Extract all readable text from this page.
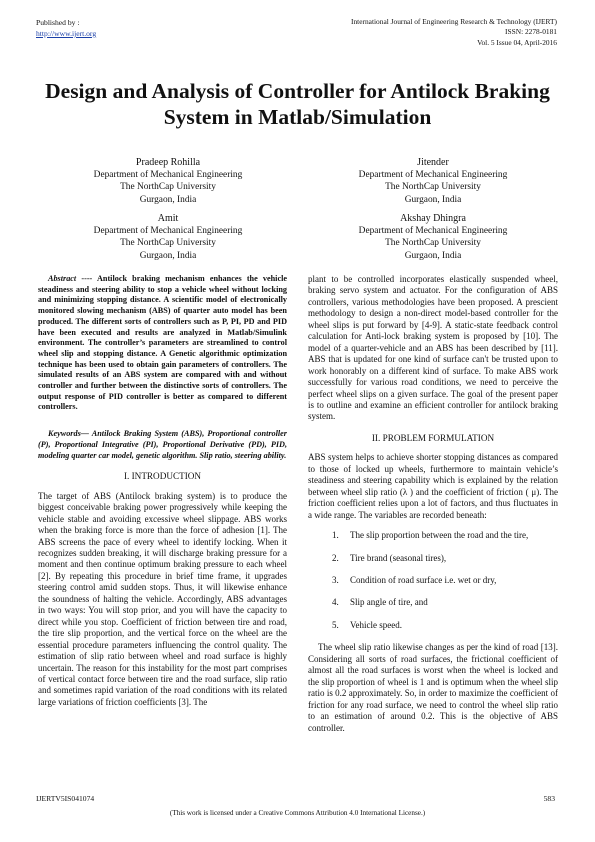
Published by :
http://www.ijert.org
International Journal of Engineering Research & Technology (IJERT)
ISSN: 2278-0181
Vol. 5 Issue 04, April-2016
Design and Analysis of Controller for Antilock Braking System in Matlab/Simulation
Pradeep Rohilla
Department of Mechanical Engineering
The NorthCap University
Gurgaon, India
Jitender
Department of Mechanical Engineering
The NorthCap University
Gurgaon, India
Amit
Department of Mechanical Engineering
The NorthCap University
Gurgaon, India
Akshay Dhingra
Department of Mechanical Engineering
The NorthCap University
Gurgaon, India

Abstract ---- Antilock braking mechanism enhances the vehicle steadiness and steering ability to stop a vehicle wheel without locking and minimizing stopping distance. A scientific model of electronically monitored slowing mechanism (ABS) of quarter auto model has been produced. The different sorts of controllers such as P, PI, PD and PID have been executed and results are analyzed in Matlab/Simulink environment. The controller’s parameters are streamlined to control wheel slip and stopping distance. A Genetic algorithmic optimization technique has been used to obtain gain parameters of controllers. The simulated results of an ABS system are compared with and without controller and further between the distinctive sorts of controllers. The output response of PID controller is better as compared to different controllers.

Keywords— Antilock Braking System (ABS), Proportional controller (P), Proportional Integrative (PI), Proportional Derivative (PD), PID, modeling quarter car model, genetic algorithm. Slip ratio, steering ability.

I. INTRODUCTION

The target of ABS (Antilock braking system) is to produce the biggest conceivable braking power progressively while keeping the vehicle stable and avoiding excessive wheel slippage. ABS works when the braking force is more than the force of adhesion [1]. The ABS screens the pace of every wheel to identify locking. When it recognizes sudden breaking, it will discharge braking pressure for a moment and then continue optimum braking pressure to each wheel [2]. By repeating this procedure in brief time frame, it upgrades steering control amid sudden stops. Thus, it will likewise enhance the soundness of halting the vehicle. Accordingly, ABS advantages in two ways: You will stop prior, and you will have the capacity to direct while you stop. Coefficient of friction between tire and road, the tire slip proportion, and the vertical force on the wheel are the essential procedure parameters influencing the control quality. The estimation of slip ratio between wheel and road surface is highly uncertain. The reason for this instability for the most part comprises of vertical contact force between tire and the road surface, slip ratio and sometimes rapid variation of the road conditions with its related large variations of friction coefficients [3]. The

plant to be controlled incorporates elastically suspended wheel, braking servo system and actuator. For the configuration of ABS controllers, various methodologies have been proposed. A prescient methodology to design a non-direct model-based controller for the wheel slips is put forward by [4-9]. A static-state feedback control calculation for Anti-lock braking system is proposed by [10]. The model of a quarter-vehicle and an ABS has been described by [11]. ABS that is updated for one kind of surface can't be trusted upon to work honorably on a different kind of surface. To make ABS work successfully for various road conditions, we need to perceive the perfect wheel slips on a given surface. The goal of the present paper is to outline and examine an efficient controller for antilock braking system.

II. PROBLEM FORMULATION

ABS system helps to achieve shorter stopping distances as compared to those of locked up wheels, furthermore to maintain vehicle’s steadiness and steering capability which is explained by the relation between wheel slip ratio (λ ) and the coefficient of friction ( μ). The friction coefficient relies upon a lot of factors, and thus fluctuates in a wide range. The variables are recorded beneath:

1. The slip proportion between the road and the tire,
2. Tire brand (seasonal tires),
3. Condition of road surface i.e. wet or dry,
4. Slip angle of tire, and
5. Vehicle speed.

The wheel slip ratio likewise changes as per the kind of road [13]. Considering all sorts of road surfaces, the frictional coefficient of almost all the road surfaces is worst when the wheel is locked and the slip proportion of wheel is 1 and is optimum when the wheel slip ratio is 0.2 approximately. So, in order to maximize the coefficient of friction for any road surface, we need to control the wheel slip ratio to an estimation of around 0.2. This is the objective of ABS controller.

IJERTV5IS041074	583
(This work is licensed under a Creative Commons Attribution 4.0 International License.)
